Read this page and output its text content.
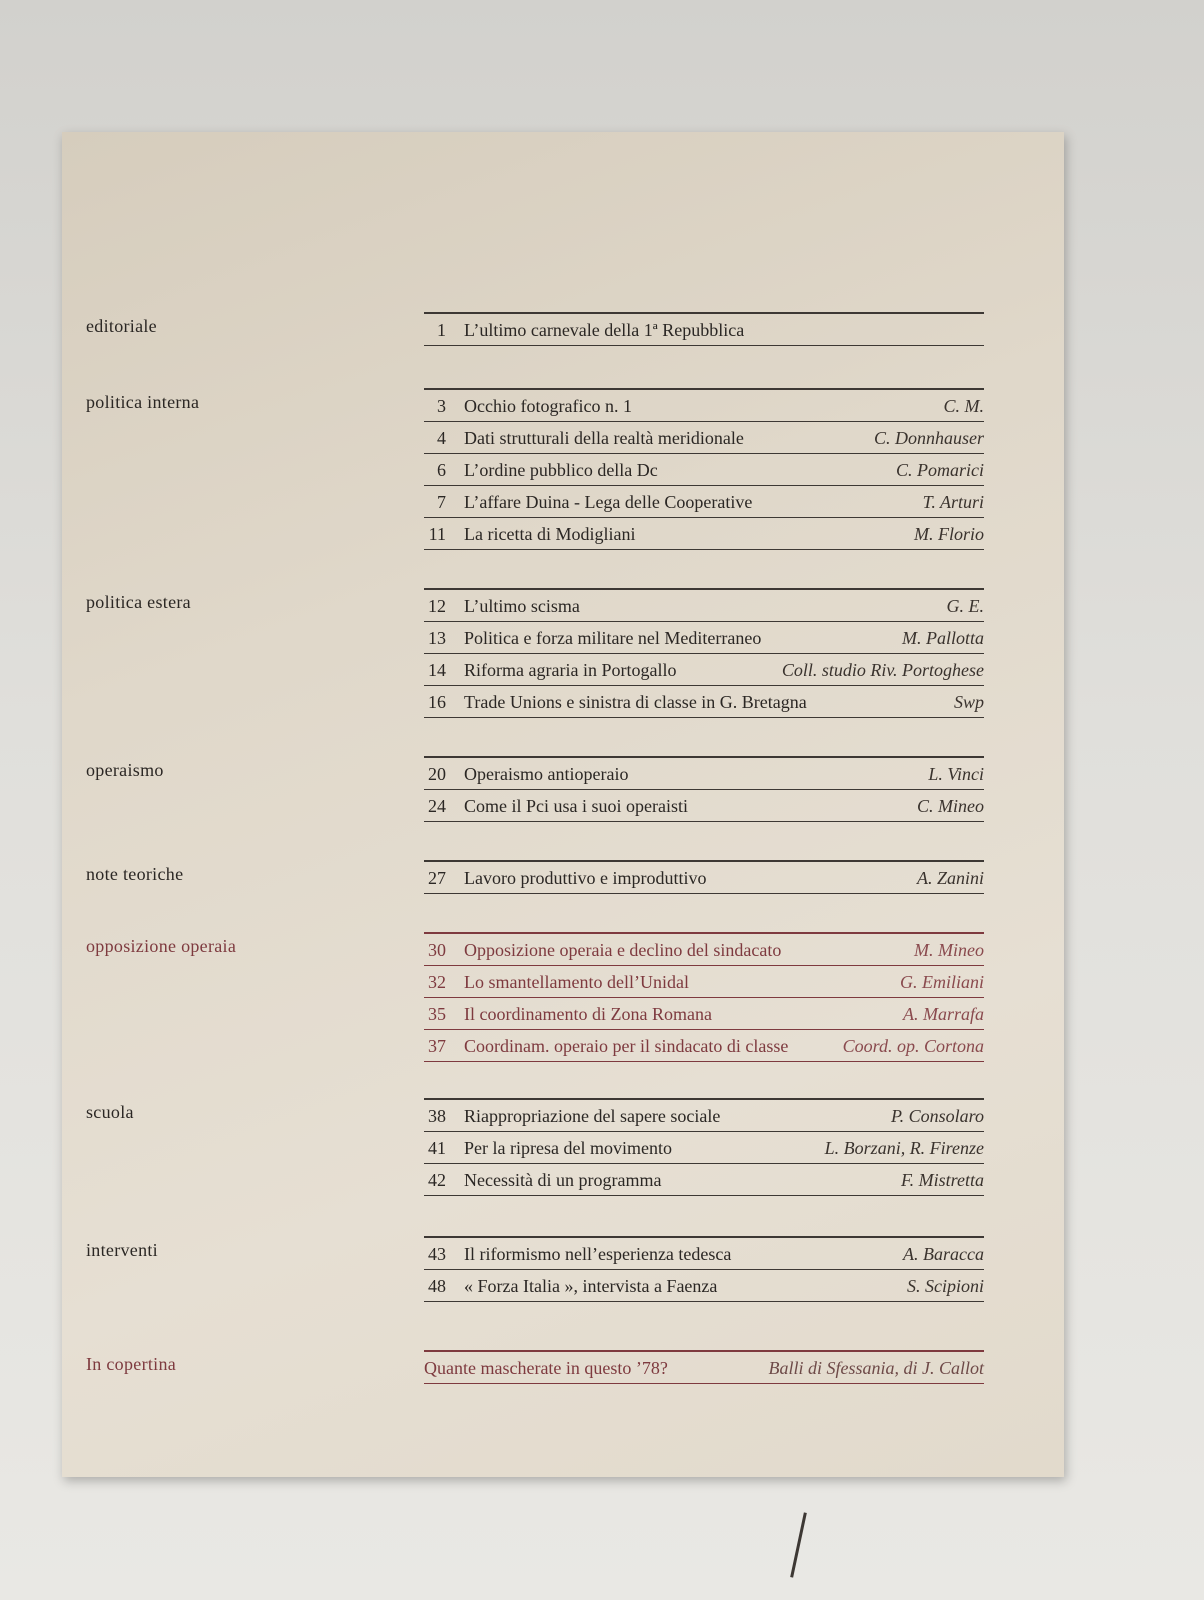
editoriale	1 L’ultimo carnevale della 1ª Repubblica
politica interna	3 Occhio fotografico n. 1	C. M.
4 Dati strutturali della realtà meridionale	C. Donnhauser
6 L’ordine pubblico della Dc	C. Pomarici
7 L’affare Duina - Lega delle Cooperative	T. Arturi
11 La ricetta di Modigliani	M. Florio
politica estera	12 L’ultimo scisma	G. E.
13 Politica e forza militare nel Mediterraneo	M. Pallotta
14 Riforma agraria in Portogallo	Coll. studio Riv. Portoghese
16 Trade Unions e sinistra di classe in G. Bretagna	Swp
operaismo	20 Operaismo antioperaio	L. Vinci
24 Come il Pci usa i suoi operaisti	C. Mineo
note teoriche	27 Lavoro produttivo e improduttivo	A. Zanini
opposizione operaia	30 Opposizione operaia e declino del sindacato	M. Mineo
32 Lo smantellamento dell’Unidal	G. Emiliani
35 Il coordinamento di Zona Romana	A. Marrafa
37 Coordinam. operaio per il sindacato di classe	Coord. op. Cortona
scuola	38 Riappropriazione del sapere sociale	P. Consolaro
41 Per la ripresa del movimento	L. Borzani, R. Firenze
42 Necessità di un programma	F. Mistretta
interventi	43 Il riformismo nell’esperienza tedesca	A. Baracca
48 « Forza Italia », intervista a Faenza	S. Scipioni
In copertina	Quante mascherate in questo ’78?	Balli di Sfessania, di J. Callot
